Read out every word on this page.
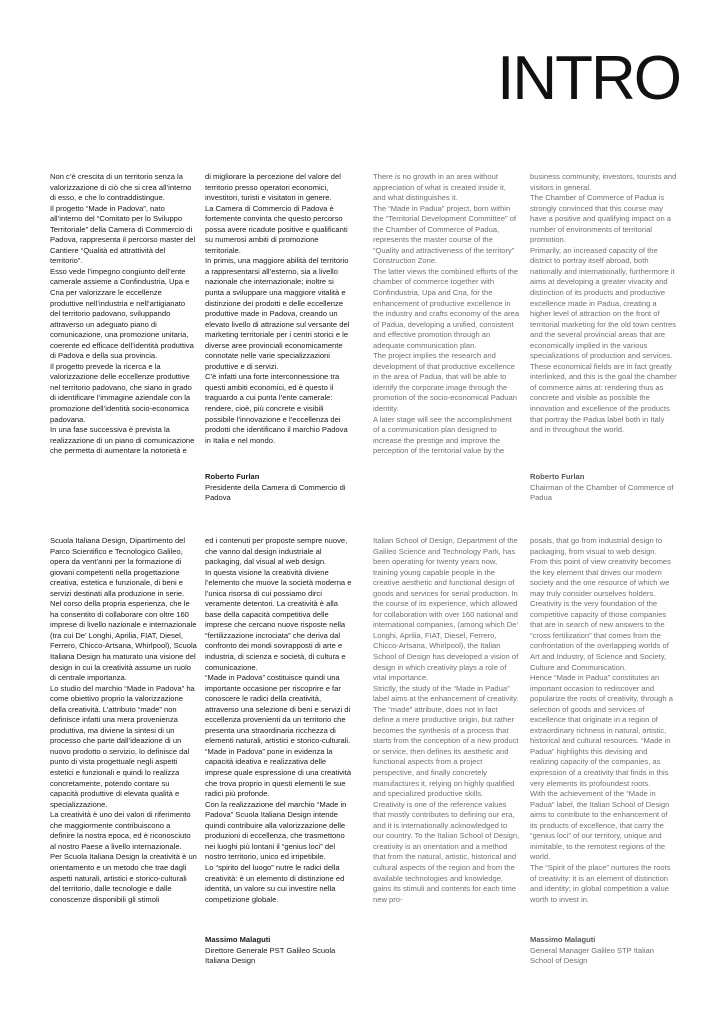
INTRO

Non c’è crescita di un territorio senza la valorizzazione di ciò che si crea all’interno di esso, e che lo contraddistingue.

Il progetto “Made in Padova”, nato all’interno del “Comitato per lo Sviluppo Territoriale” della Camera di Commercio di Padova, rappresenta il percorso master del Cantiere “Qualità ed attrattività del territorio”.

Esso vede l’impegno congiunto dell’ente camerale assieme a Confindustria, Upa e Cna per valorizzare le eccellenze produttive nell’industria e nell’artigianato del territorio padovano, sviluppando attraverso un adeguato piano di comunicazione, una promozione unitaria, coerente ed efficace dell’identità produttiva di Padova e della sua provincia.

Il progetto prevede la ricerca e la valorizzazione delle eccellenze produttive nel territorio padovano, che siano in grado di identificare l’immagine aziendale con la promozione dell’identità socio-economica padovana.

In una fase successiva è prevista la realizzazione di un piano di comunicazione che permetta di aumentare la notorietà e

di migliorare la percezione del valore del territorio presso operatori economici, investitori, turisti e visitatori in genere.

La Camera di Commercio di Padova è fortemente convinta che questo percorso possa avere ricadute positive e qualificanti su numerosi ambiti di promozione territoriale.

In primis, una maggiore abilità del territorio a rappresentarsi all’esterno, sia a livello nazionale che internazionale; inoltre si punta a sviluppare una maggiore vitalità e distinzione dei prodotti e delle eccellenze produttive made in Padova, creando un elevato livello di attrazione sul versante del marketing territoriale per i centri storici e le diverse aree provinciali economicamente connotate nelle varie specializzazioni produttive e di servizi.

C’è infatti una forte interconnessione tra questi ambiti economici, ed è questo il traguardo a cui punta l’ente camerale: rendere, cioè, più concrete e visibili possibile l’innovazione e l’eccellenza dei prodotti che identificano il marchio Padova in Italia e nel mondo.

There is no growth in an area without appreciation of what is created inside it, and what distinguishes it.

The “Made in Padua” project, born within the “Territorial Development Committee” of the Chamber of Commerce of Padua, represents the master course of the “Quality and attractiveness of the territory” Construction Zone.

The latter views the combined efforts of the chamber of commerce together with Confindustria, Upa and Cna, for the enhancement of productive excellence in the industry and crafts economy of the area of Padua, developing a unified, consistent and effective promotion through an adequate communication plan.

The project implies the research and development of that productive excellence in the area of Padua, that will be able to identify the corporate image through the promotion of the socio-economical Paduan identity.

A later stage will see the accomplishment of a communication plan designed to increase the prestige and improve the perception of the territorial value by the

business community, investors, tourists and visitors in general.

The Chamber of Commerce of Padua is strongly convinced that this course may have a positive and qualifying impact on a number of environments of territorial promotion.

Primarily, an increased capacity of the district to portray itself abroad, both nationally and internationally, furthermore it aims at developing a greater vivacity and distinction of its products and productive excellence made in Padua, creating a higher level of attraction on the front of territorial marketing for the old town centres and the several provincial areas that are economically implied in the various specializations of production and services.

These economical fields are in fact greatly interlinked, and this is the goal the chamber of commerce aims at: rendering thus as concrete and visible as possible the innovation and excellence of the products that portray the Padua label both in Italy and in throughout the world.

Roberto Furlan
Presidente della Camera di Commercio di Padova
Roberto Furlan
Chairman of the Chamber of Commerce of Padua

Scuola Italiana Design, Dipartimento del Parco Scientifico e Tecnologico Galileo, opera da vent’anni per la formazione di giovani competenti nella progettazione creativa, estetica e funzionale, di beni e servizi destinati alla produzione in serie. Nel corso della propria esperienza, che le ha consentito di collaborare con oltre 160 imprese di livello nazionale e internazionale (tra cui De’ Longhi, Aprilia, FIAT, Diesel, Ferrero, Chicco-Artsana, Whirlpool), Scuola Italiana Design ha maturato una visione del design in cui la creatività assume un ruolo di centrale importanza.

Lo studio del marchio “Made in Padova” ha come obiettivo proprio la valorizzazione della creatività. L’attributo “made” non definisce infatti una mera provenienza produttiva, ma diviene la sintesi di un processo che parte dall’ideazione di un nuovo prodotto o servizio, lo definisce dal punto di vista progettuale negli aspetti estetici e funzionali e quindi lo realizza concretamente, potendo contare su capacità produttive di elevata qualità e specializzazione.

La creatività è uno dei valori di riferimento che maggiormente contribuiscono a definire la nostra epoca, ed è riconosciuto al nostro Paese a livello internazionale.

Per Scuola Italiana Design la creatività è un orientamento e un metodo che trae dagli aspetti naturali, artistici e storico-culturali del territorio, dalle tecnologie e dalle conoscenze disponibili gli stimoli

ed i contenuti per proposte sempre nuove, che vanno dal design industriale al packaging, dal visual al web design.

In questa visione la creatività diviene l’elemento che muove la società moderna e l’unica risorsa di cui possiamo dirci veramente detentori. La creatività è alla base della capacità competitiva delle imprese che cercano nuove risposte nella “fertilizzazione incrociata” che deriva dal confronto dei mondi sovrapposti di arte e industria, di scienza e società, di cultura e comunicazione.

“Made in Padova” costituisce quindi una importante occasione per riscoprire e far conoscere le radici della creatività, attraverso una selezione di beni e servizi di eccellenza provenienti da un territorio che presenta una straordinaria ricchezza di elementi naturali, artistici e storico-culturali. “Made in Padova” pone in evidenza la capacità ideativa e realizzativa delle imprese quale espressione di una creatività che trova proprio in questi elementi le sue radici più profonde.

Con la realizzazione del marchio “Made in Padova” Scuola Italiana Design intende quindi contribuire alla valorizzazione delle produzioni di eccellenza, che trasmettono nei luoghi più lontani il “genius loci” del nostro territorio, unico ed irripetibile.

Lo “spirito del luogo” nutre le radici della creatività: è un elemento di distinzione ed identità, un valore su cui investire nella competizione globale.

Italian School of Design, Department of the Galileo Science and Technology Park, has been operating for twenty years now, training young capable people in the creative aesthetic and functional design of goods and services for serial production. In the course of its experience, which allowed for collaboration with over 160 national and international companies, (among which De’ Longhi, Aprilia, FIAT, Diesel, Ferrero, Chicco-Artsana, Whirlpool), the Italian School of Design has developed a vision of design in which creativity plays a role of vital importance.

Strictly, the study of the “Made in Padua” label aims at the enhancement of creativity. The “made” attribute, does not in fact define a mere productive origin, but rather becomes the synthesis of a process that starts from the conception of a new product or service, then defines its aesthetic and functional aspects from a project perspective, and finally concretely manufactures it, relying on highly qualified and specialized productive skills.

Creativity is one of the reference values that mostly contributes to defining our era, and it is internationally acknowledged to our country. To the Italian School of Design, creativity is an orientation and a method that from the natural, artistic, historical and cultural aspects of the region and from the available technologies and knowledge, gains its stimuli and contents for each time new pro-

posals, that go from industrial design to packaging, from visual to web design.

From this point of view creativity becomes the key element that drives our modern society and the one resource of which we may truly consider ourselves holders. Creativity is the very foundation of the competitive capacity of those companies that are in search of new answers to the “cross fertilization” that comes from the confrontation of the overlapping worlds of Art and Industry, of Science and Society, Culture and Communication.

Hence “Made in Padua” constitutes an important occasion to rediscover and popularize the roots of creativity, through a selection of goods and services of excellence that originate in a region of extraordinary richness in natural, artistic, historical and cultural resources. “Made in Padua” highlights this devising and realizing capacity of the companies, as expression of a creativity that finds in this very elements its profoundest roots.

With the achievement of the “Made in Padua” label, the Italian School of Design aims to contribute to the enhancement of its products of excellence, that carry the “genius loci” of our territory, unique and inimitable, to the remotest regions of the world.

The “Spirit of the place” nurtures the roots of creativity: it is an element of distinction and identity; in global competition a value worth to invest in.

Massimo Malaguti
Direttore Generale PST Galileo Scuola Italiana Design
Massimo Malaguti
General Manager Galileo STP Italian School of Design
